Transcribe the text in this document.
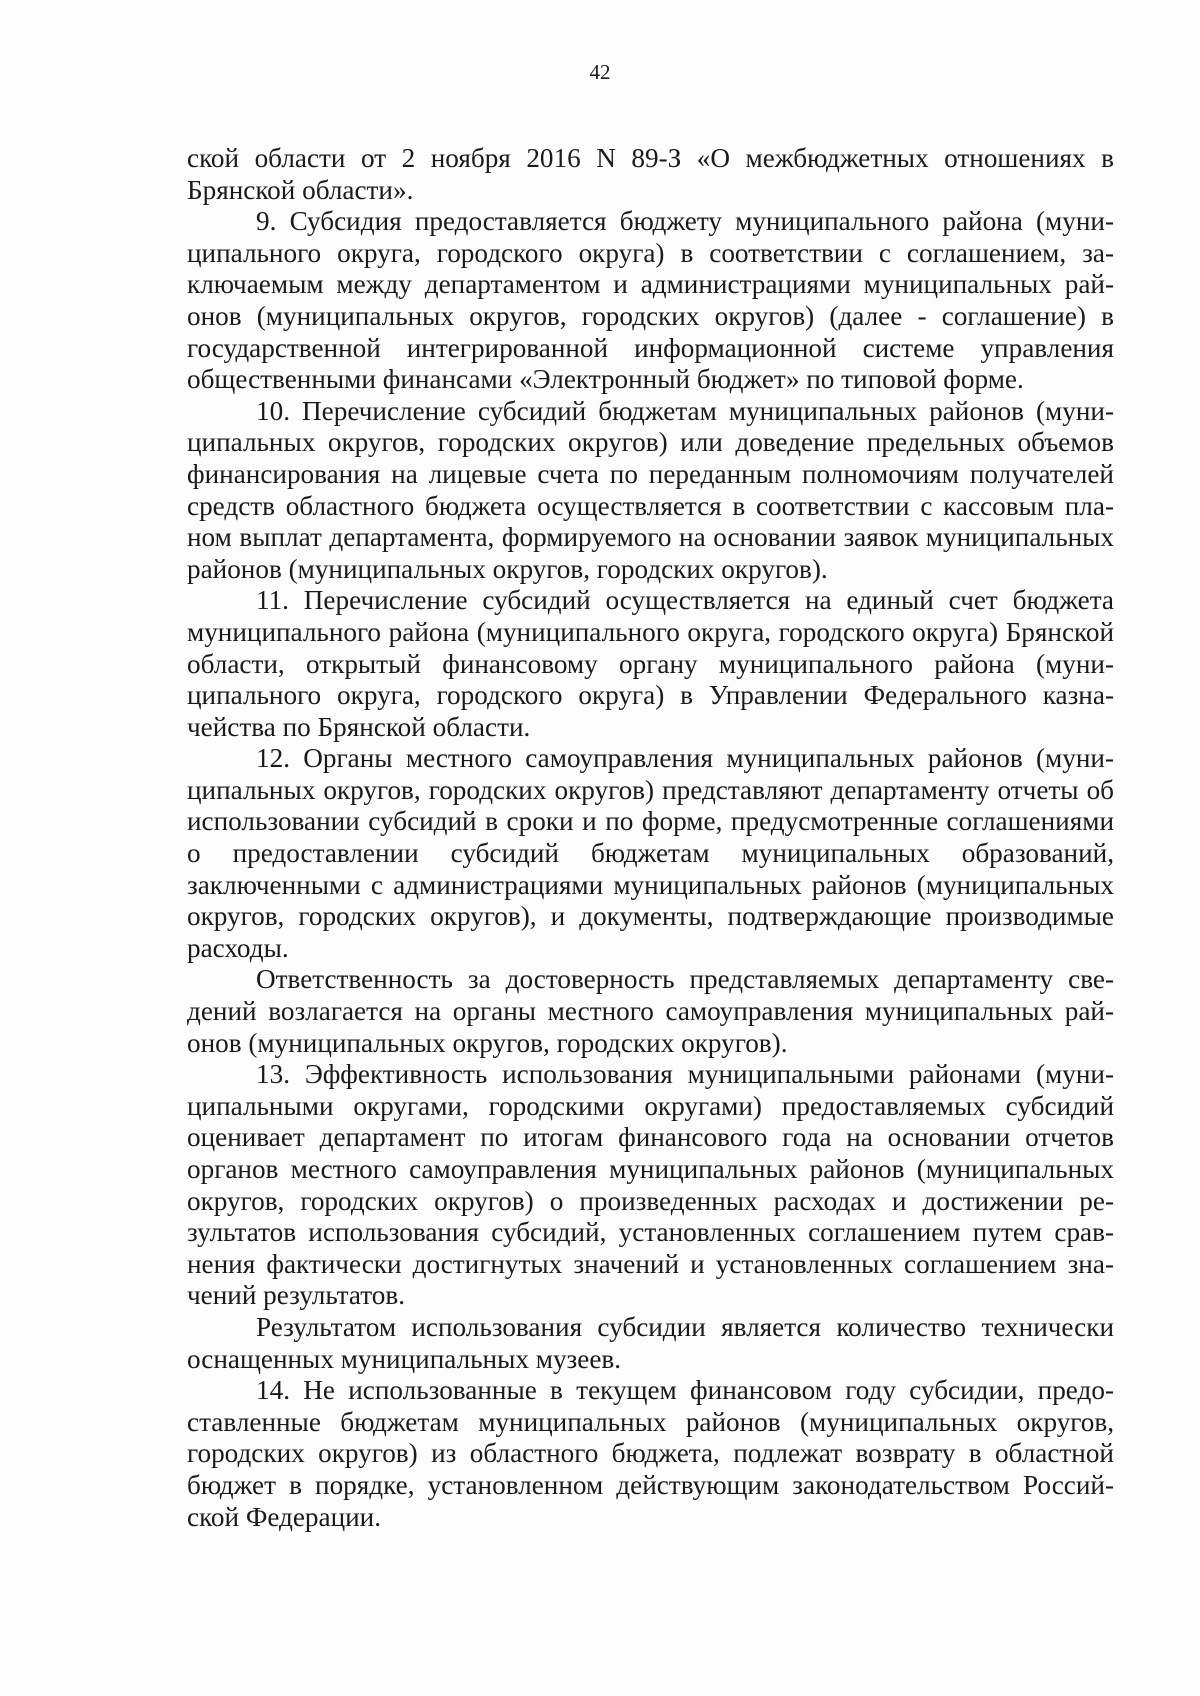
42

ской области от 2 ноября 2016 N 89-З «О межбюджетных отношениях в Брянской области».

9. Субсидия предоставляется бюджету муниципального района (муниципального округа, городского округа) в соответствии с соглашением, заключаемым между департаментом и администрациями муниципальных районов (муниципальных округов, городских округов) (далее - соглашение) в государственной интегрированной информационной системе управления общественными финансами «Электронный бюджет» по типовой форме.

10. Перечисление субсидий бюджетам муниципальных районов (муниципальных округов, городских округов) или доведение предельных объемов финансирования на лицевые счета по переданным полномочиям получателей средств областного бюджета осуществляется в соответствии с кассовым планом выплат департамента, формируемого на основании заявок муниципальных районов (муниципальных округов, городских округов).

11. Перечисление субсидий осуществляется на единый счет бюджета муниципального района (муниципального округа, городского округа) Брянской области, открытый финансовому органу муниципального района (муниципального округа, городского округа) в Управлении Федерального казначейства по Брянской области.

12. Органы местного самоуправления муниципальных районов (муниципальных округов, городских округов) представляют департаменту отчеты об использовании субсидий в сроки и по форме, предусмотренные соглашениями о предоставлении субсидий бюджетам муниципальных образований, заключенными с администрациями муниципальных районов (муниципальных округов, городских округов), и документы, подтверждающие производимые расходы.

Ответственность за достоверность представляемых департаменту сведений возлагается на органы местного самоуправления муниципальных районов (муниципальных округов, городских округов).

13. Эффективность использования муниципальными районами (муниципальными округами, городскими округами) предоставляемых субсидий оценивает департамент по итогам финансового года на основании отчетов органов местного самоуправления муниципальных районов (муниципальных округов, городских округов) о произведенных расходах и достижении результатов использования субсидий, установленных соглашением путем сравнения фактически достигнутых значений и установленных соглашением значений результатов.

Результатом использования субсидии является количество технически оснащенных муниципальных музеев.

14. Не использованные в текущем финансовом году субсидии, предоставленные бюджетам муниципальных районов (муниципальных округов, городских округов) из областного бюджета, подлежат возврату в областной бюджет в порядке, установленном действующим законодательством Российской Федерации.
